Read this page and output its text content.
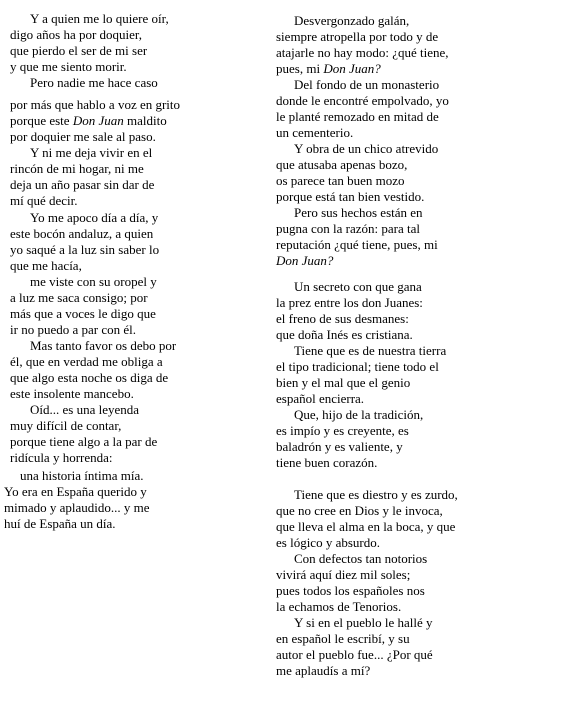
Y a quien me lo quiere oír,
digo años ha por doquier,
que pierdo el ser de mi ser
y que me siento morir.
Pero nadie me hace caso
por más que hablo a voz en grito
porque este Don Juan maldito
por doquier me sale al paso.
Y ni me deja vivir en el
rincón de mi hogar, ni me
deja un año pasar sin dar de
mí qué decir.
Yo me apoco día a día, y
este bocón andaluz, a quien
yo saqué a la luz sin saber lo
que me hacía,
me viste con su oropel y
a luz me saca consigo; por
más que a voces le digo que
ir no puedo a par con él.
Mas tanto favor os debo por
él, que en verdad me obliga a
que algo esta noche os diga de
este insolente mancebo.
Oíd... es una leyenda
muy difícil de contar,
porque tiene algo a la par de
ridícula y horrenda:
una historia íntima mía.
Yo era en España querido y
mimado y aplaudido... y me
huí de España un día.
Desvergonzado galán,
siempre atropella por todo y de
atajarle no hay modo: ¿qué tiene,
pues, mi Don Juan?
Del fondo de un monasterio
donde le encontré empolvado, yo
le planté remozado en mitad de
un cementerio.
Y obra de un chico atrevido
que atusaba apenas bozo,
os parece tan buen mozo
porque está tan bien vestido.
Pero sus hechos están en
pugna con la razón: para tal
reputación ¿qué tiene, pues, mi
Don Juan?
Un secreto con que gana
la prez entre los don Juanes:
el freno de sus desmanes:
que doña Inés es cristiana.
Tiene que es de nuestra tierra
el tipo tradicional; tiene todo el
bien y el mal que el genio
español encierra.
Que, hijo de la tradición,
es impío y es creyente, es
baladrón y es valiente, y
tiene buen corazón.
Tiene que es diestro y es zurdo,
que no cree en Dios y le invoca,
que lleva el alma en la boca, y que
es lógico y absurdo.
Con defectos tan notorios
vivirá aquí diez mil soles;
pues todos los españoles nos
la echamos de Tenorios.
Y si en el pueblo le hallé y
en español le escribí, y su
autor el pueblo fue... ¿Por qué
me aplaudís a mí?
